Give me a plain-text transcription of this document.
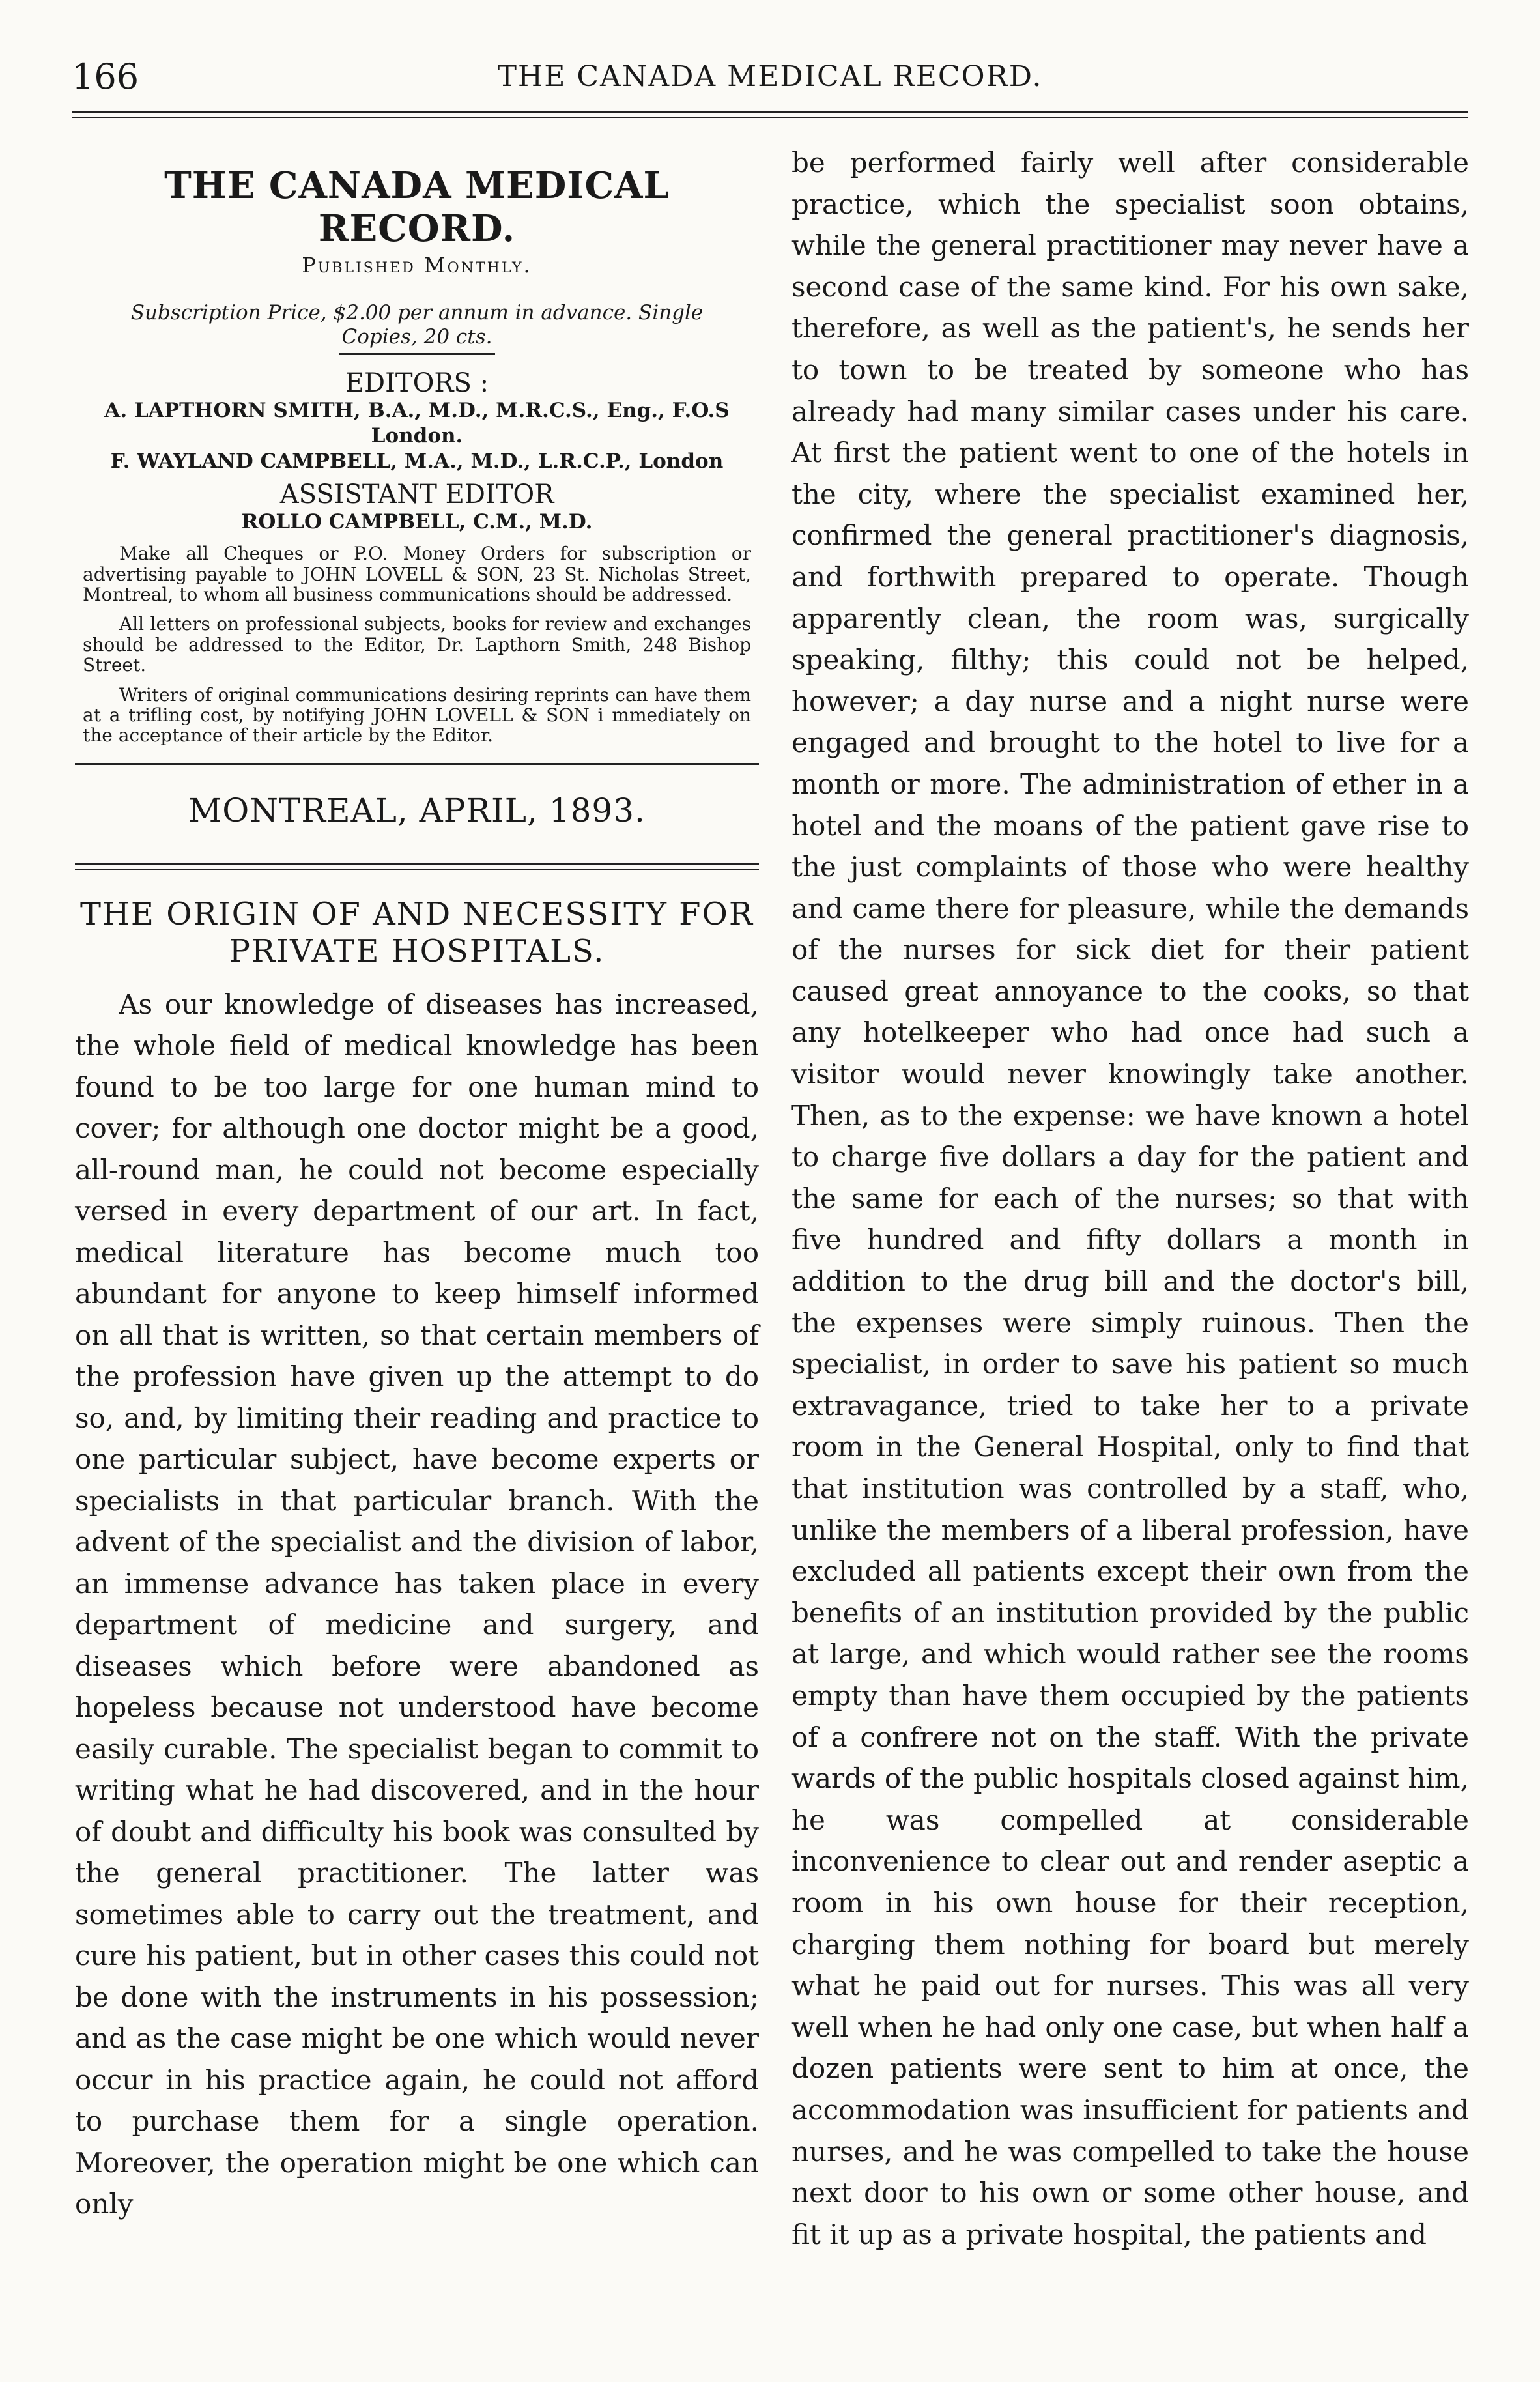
166	THE CANADA MEDICAL RECORD.
THE CANADA MEDICAL RECORD.
Published Monthly.
Subscription Price, $2.00 per annum in advance. Single Copies, 20 cts.
EDITORS :
A. LAPTHORN SMITH, B.A., M.D., M.R.C.S., Eng., F.O.S London.
F. WAYLAND CAMPBELL, M.A., M.D., L.R.C.P., London
ASSISTANT EDITOR
ROLLO CAMPBELL, C.M., M.D.

Make all Cheques or P.O. Money Orders for subscription or advertising payable to JOHN LOVELL & SON, 23 St. Nicholas Street, Montreal, to whom all business communications should be addressed.

All letters on professional subjects, books for review and exchanges should be addressed to the Editor, Dr. Lapthorn Smith, 248 Bishop Street.

Writers of original communications desiring reprints can have them at a trifling cost, by notifying JOHN LOVELL & SON i mmediately on the acceptance of their article by the Editor.

MONTREAL, APRIL, 1893.
THE ORIGIN OF AND NECESSITY FOR PRIVATE HOSPITALS.

As our knowledge of diseases has increased, the whole field of medical knowledge has been found to be too large for one human mind to cover; for although one doctor might be a good, all-round man, he could not become especially versed in every department of our art. In fact, medical literature has become much too abundant for anyone to keep himself informed on all that is written, so that certain members of the profession have given up the attempt to do so, and, by limiting their reading and practice to one particular subject, have become experts or specialists in that particular branch. With the advent of the specialist and the division of labor, an immense advance has taken place in every department of medicine and surgery, and diseases which before were abandoned as hopeless because not understood have become easily curable. The specialist began to commit to writing what he had discovered, and in the hour of doubt and difficulty his book was consulted by the general practitioner. The latter was sometimes able to carry out the treatment, and cure his patient, but in other cases this could not be done with the instruments in his possession; and as the case might be one which would never occur in his practice again, he could not afford to purchase them for a single operation. Moreover, the operation might be one which can only

be performed fairly well after considerable practice, which the specialist soon obtains, while the general practitioner may never have a second case of the same kind. For his own sake, therefore, as well as the patient's, he sends her to town to be treated by someone who has already had many similar cases under his care. At first the patient went to one of the hotels in the city, where the specialist examined her, confirmed the general practitioner's diagnosis, and forthwith prepared to operate. Though apparently clean, the room was, surgically speaking, filthy; this could not be helped, however; a day nurse and a night nurse were engaged and brought to the hotel to live for a month or more. The administration of ether in a hotel and the moans of the patient gave rise to the just complaints of those who were healthy and came there for pleasure, while the demands of the nurses for sick diet for their patient caused great annoyance to the cooks, so that any hotelkeeper who had once had such a visitor would never knowingly take another. Then, as to the expense: we have known a hotel to charge five dollars a day for the patient and the same for each of the nurses; so that with five hundred and fifty dollars a month in addition to the drug bill and the doctor's bill, the expenses were simply ruinous. Then the specialist, in order to save his patient so much extravagance, tried to take her to a private room in the General Hospital, only to find that that institution was controlled by a staff, who, unlike the members of a liberal profession, have excluded all patients except their own from the benefits of an institution provided by the public at large, and which would rather see the rooms empty than have them occupied by the patients of a confrere not on the staff. With the private wards of the public hospitals closed against him, he was compelled at considerable inconvenience to clear out and render aseptic a room in his own house for their reception, charging them nothing for board but merely what he paid out for nurses. This was all very well when he had only one case, but when half a dozen patients were sent to him at once, the accommodation was insufficient for patients and nurses, and he was compelled to take the house next door to his own or some other house, and fit it up as a private hospital, the patients and
